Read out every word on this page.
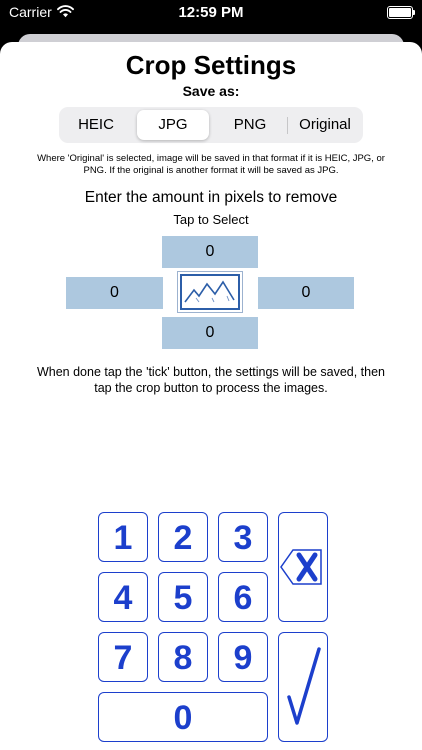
Carrier	12:59 PM
Crop Settings
Save as:
HEIC	JPG	PNG	Original
Where 'Original' is selected, image will be saved in that format if it is HEIC, JPG, or PNG. If the original is another format it will be saved as JPG.
Enter the amount in pixels to remove
Tap to Select
0
0	0
0
When done tap the 'tick' button, the settings will be saved, then tap the crop button to process the images.
1	2	3
4	5	6
7	8	9
0
